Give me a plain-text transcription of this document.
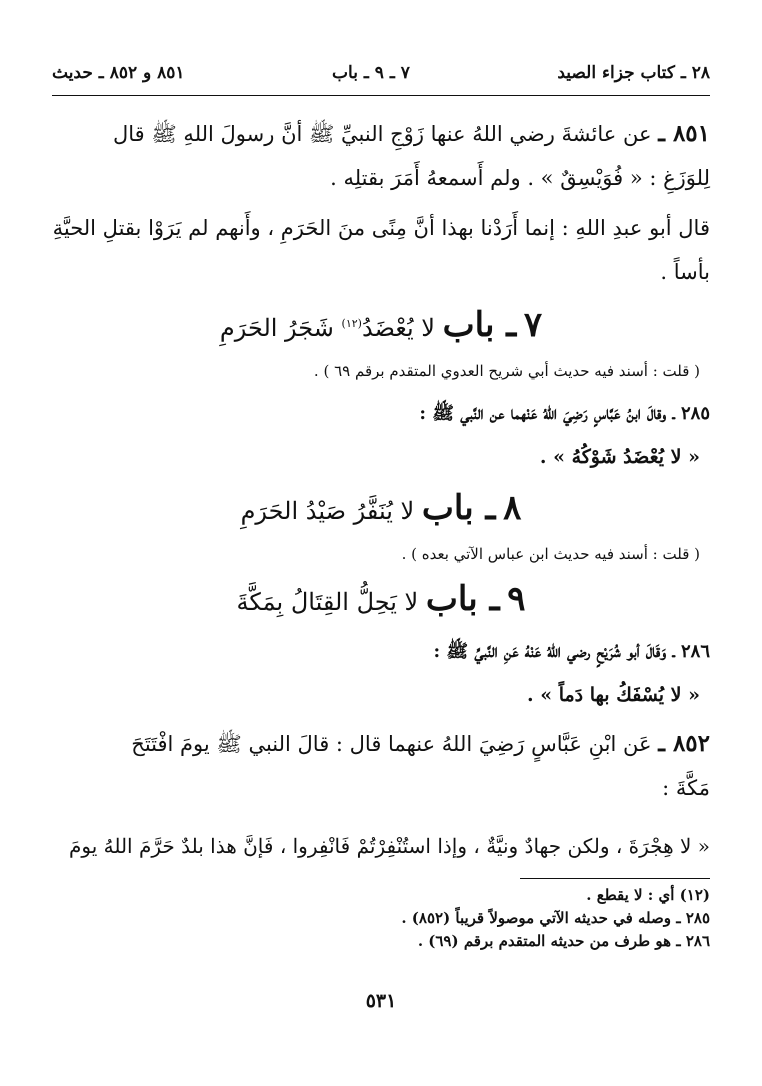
٢٨ ـ كتاب جزاء الصيد
٧ ـ ٩ ـ باب
٨٥١ و ٨٥٢ ـ حديث

٨٥١ ـ عن عائشةَ رضي اللهُ عنها زَوْجِ النبيِّ ﷺ أنَّ رسولَ اللهِ ﷺ قال

لِلوَزَغِ : « فُوَيْسِقٌ » . ولم أَسمعهُ أَمَرَ بقتلِه .

قال أبو عبدِ اللهِ : إنما أَرَدْنا بهذا أنَّ مِنًى منَ الحَرَمِ ، وأَنهم لم يَرَوْا بقتلِ الحيَّةِ

بأساً .

٧ ـ باب لا يُعْضَدُ$^{(١٢)}$ شَجَرُ الحَرَمِ

( قلت : أسند فيه حديث أبي شريح العدوي المتقدم برقم ٦٩ ) .

٢٨٥ ـ وقالَ ابنُ عَبَّاسٍ رَضِيَ اللهُ عَنْهما عن النَّبي ﷺ :

« لا يُعْضَدُ شَوْكُهُ » .

٨ ـ باب لا يُنَفَّرُ صَيْدُ الحَرَمِ

( قلت : أسند فيه حديث ابن عباس الآتي بعده ) .

٩ ـ باب لا يَحِلُّ القِتَالُ بِمَكَّةَ

٢٨٦ ـ وَقَالَ أبو شُرَيْحٍ رضي اللهُ عَنْهُ عَنِ النَّبيِّ ﷺ :

« لا يُسْفَكُ بها دَماً » .

٨٥٢ ـ عَن ابْنِ عَبَّاسٍ رَضِيَ اللهُ عنهما قال : قالَ النبي ﷺ يومَ افْتَتَحَ

مَكَّةَ :

« لا هِجْرَةَ ، ولكن جهادٌ ونيَّةٌ ، وإذا استُنْفِرْتُمْ فَانْفِروا ، فَإنَّ هذا بلدٌ حَرَّمَ اللهُ يومَ

(١٢) أي : لا يقطع .

٢٨٥ ـ وصله في حديثه الآتي موصولاً قريباً (٨٥٢) .

٢٨٦ ـ هو طرف من حديثه المتقدم برقم (٦٩) .

٥٣١
